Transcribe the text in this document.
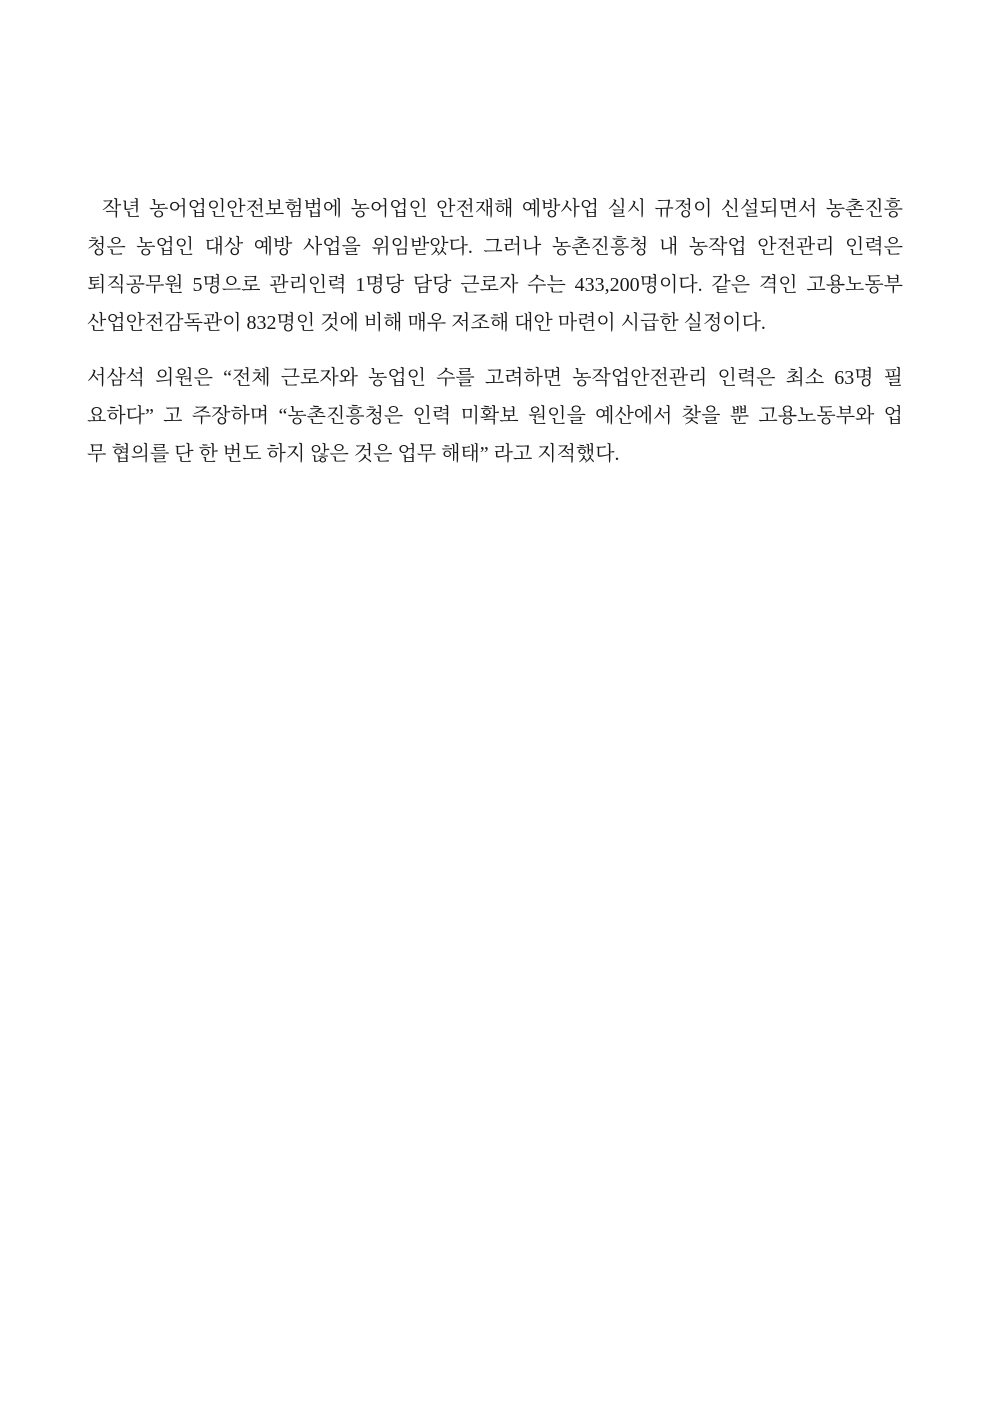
작년 농어업인안전보험법에 농어업인 안전재해 예방사업 실시 규정이 신설되면서 농촌진흥
청은 농업인 대상 예방 사업을 위임받았다. 그러나 농촌진흥청 내 농작업 안전관리 인력은
퇴직공무원 5명으로 관리인력 1명당 담당 근로자 수는 433,200명이다. 같은 격인 고용노동부
산업안전감독관이 832명인 것에 비해 매우 저조해 대안 마련이 시급한 실정이다.
서삼석 의원은 “전체 근로자와 농업인 수를 고려하면 농작업안전관리 인력은 최소 63명 필
요하다” 고 주장하며 “농촌진흥청은 인력 미확보 원인을 예산에서 찾을 뿐 고용노동부와 업
무 협의를 단 한 번도 하지 않은 것은 업무 해태” 라고 지적했다.
